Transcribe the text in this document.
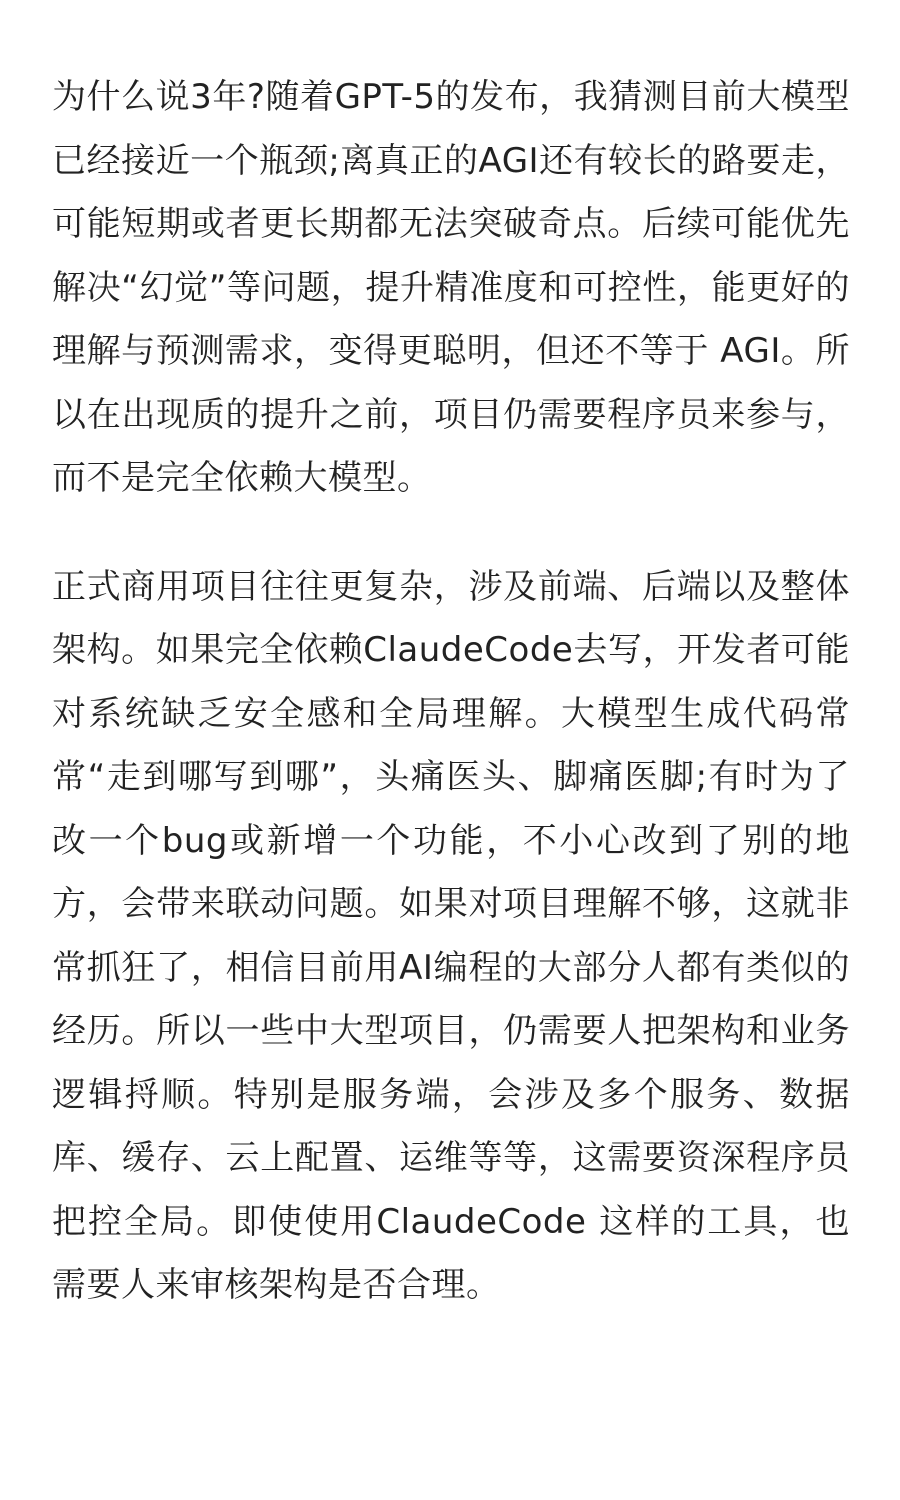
为什么说3年?随着GPT-5的发布，我猜测目前大模型已经接近一个瓶颈;离真正的AGI还有较长的路要走，可能短期或者更长期都无法突破奇点。后续可能优先解决“幻觉”等问题，提升精准度和可控性，能更好的理解与预测需求，变得更聪明，但还不等于 AGI。所以在出现质的提升之前，项目仍需要程序员来参与，而不是完全依赖大模型。

正式商用项目往往更复杂，涉及前端、后端以及整体架构。如果完全依赖ClaudeCode去写，开发者可能对系统缺乏安全感和全局理解。大模型生成代码常常“走到哪写到哪”，头痛医头、脚痛医脚;有时为了改一个bug或新增一个功能，不小心改到了别的地方，会带来联动问题。如果对项目理解不够，这就非常抓狂了，相信目前用AI编程的大部分人都有类似的经历。所以一些中大型项目，仍需要人把架构和业务逻辑捋顺。特别是服务端，会涉及多个服务、数据库、缓存、云上配置、运维等等，这需要资深程序员把控全局。即使使用ClaudeCode 这样的工具，也需要人来审核架构是否合理。
